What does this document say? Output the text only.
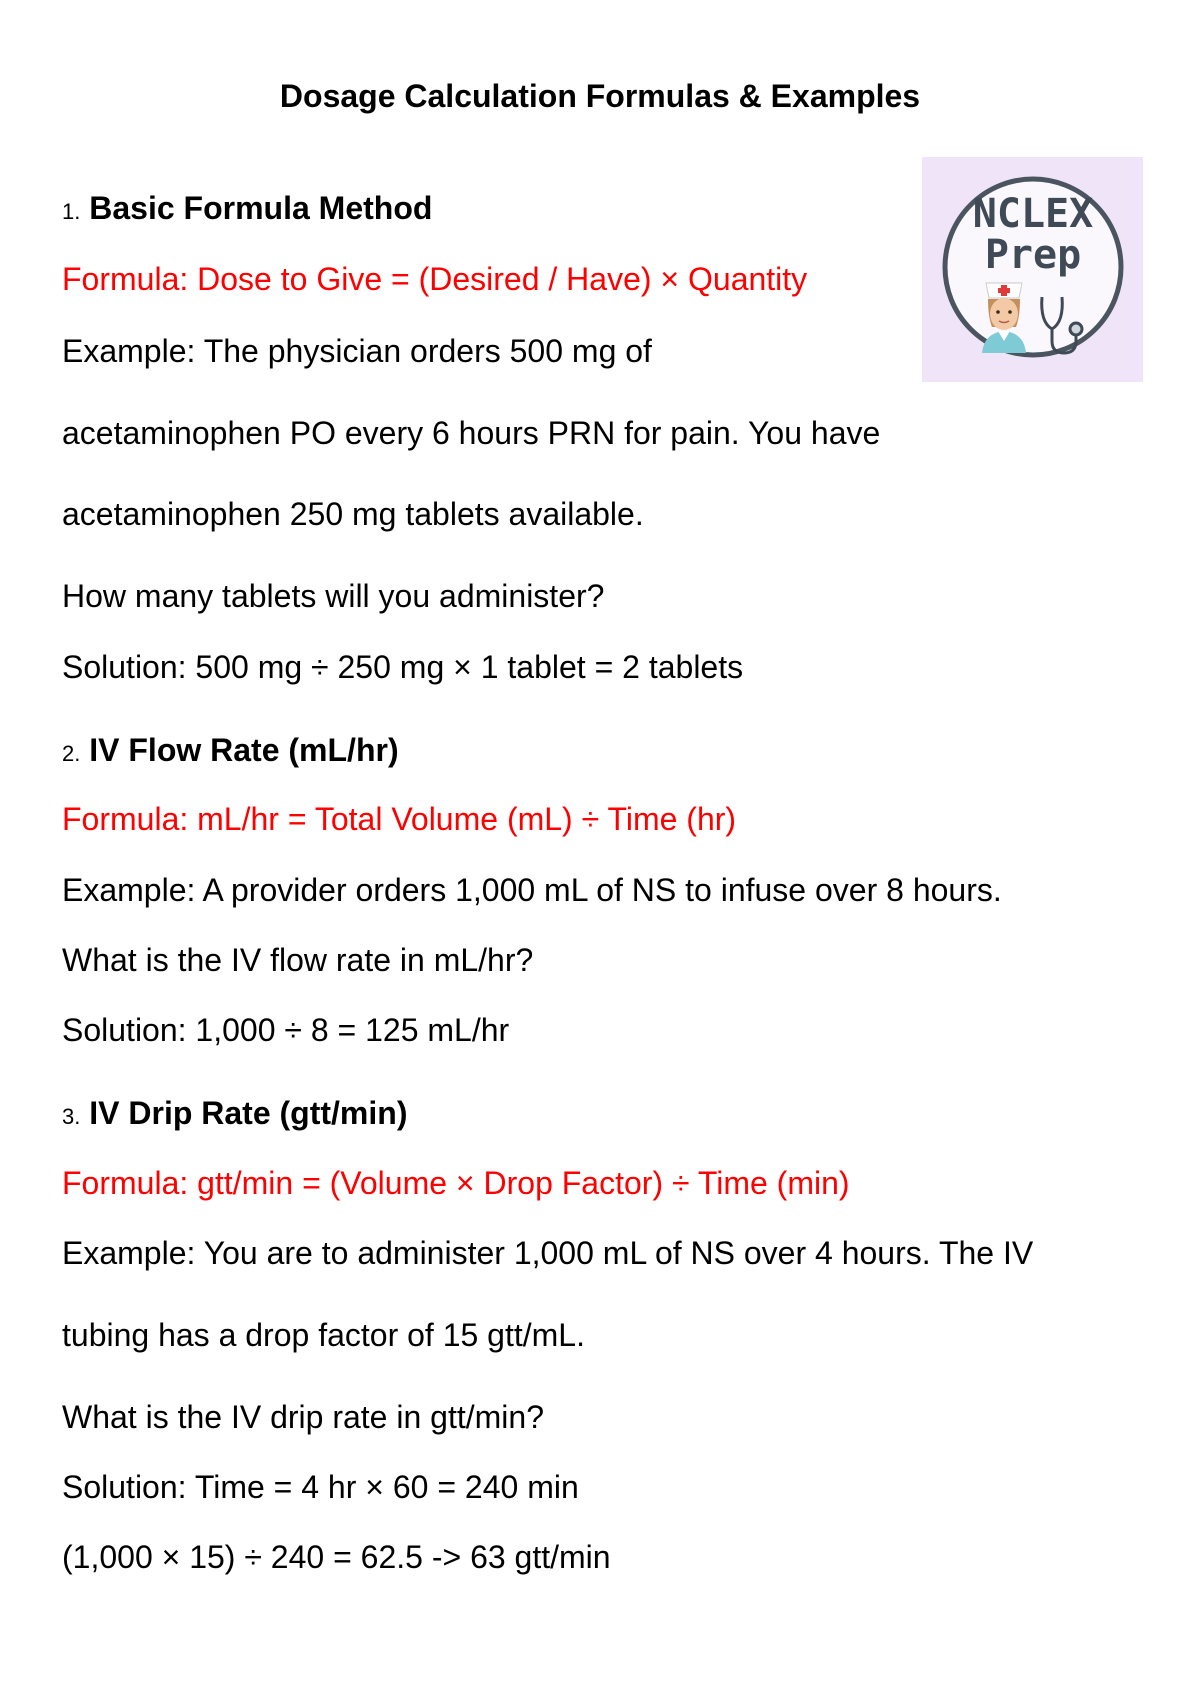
Dosage Calculation Formulas & Examples
NCLEX
Prep
1. Basic Formula Method
Formula: Dose to Give = (Desired / Have) × Quantity
Example: The physician orders 500 mg of
acetaminophen PO every 6 hours PRN for pain. You have
acetaminophen 250 mg tablets available.
How many tablets will you administer?
Solution: 500 mg ÷ 250 mg × 1 tablet = 2 tablets
2. IV Flow Rate (mL/hr)
Formula: mL/hr = Total Volume (mL) ÷ Time (hr)
Example: A provider orders 1,000 mL of NS to infuse over 8 hours.
What is the IV flow rate in mL/hr?
Solution: 1,000 ÷ 8 = 125 mL/hr
3. IV Drip Rate (gtt/min)
Formula: gtt/min = (Volume × Drop Factor) ÷ Time (min)
Example: You are to administer 1,000 mL of NS over 4 hours. The IV
tubing has a drop factor of 15 gtt/mL.
What is the IV drip rate in gtt/min?
Solution: Time = 4 hr × 60 = 240 min
(1,000 × 15) ÷ 240 = 62.5 -> 63 gtt/min
